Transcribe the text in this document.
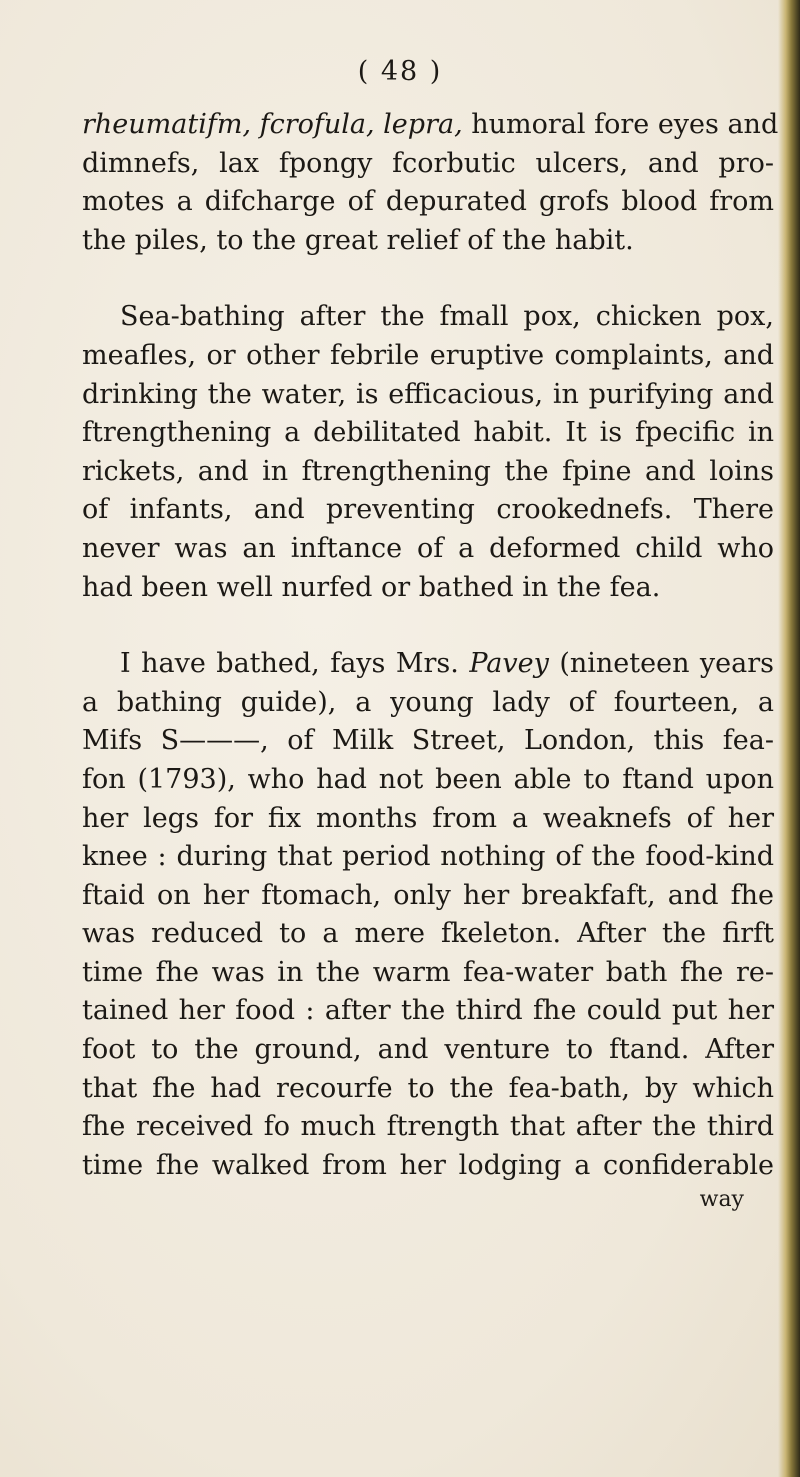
( 48 )
rheumatifm, fcrofula, lepra, humoral fore eyes and
dimnefs, lax fpongy fcorbutic ulcers, and pro-
motes a difcharge of depurated grofs blood from
the piles, to the great relief of the habit.
Sea-bathing after the fmall pox, chicken pox,
meafles, or other febrile eruptive complaints, and
drinking the water, is efficacious, in purifying and
ftrengthening a debilitated habit. It is fpecific in
rickets, and in ftrengthening the fpine and loins
of infants, and preventing crookednefs. There
never was an inftance of a deformed child who
had been well nurfed or bathed in the fea.
I have bathed, fays Mrs. Pavey (nineteen years
a bathing guide), a young lady of fourteen, a
Mifs S———, of Milk Street, London, this fea-
fon (1793), who had not been able to ftand upon
her legs for fix months from a weaknefs of her
knee : during that period nothing of the food-kind
ftaid on her ftomach, only her breakfaft, and fhe
was reduced to a mere fkeleton. After the firft
time fhe was in the warm fea-water bath fhe re-
tained her food : after the third fhe could put her
foot to the ground, and venture to ftand. After
that fhe had recourfe to the fea-bath, by which
fhe received fo much ftrength that after the third
time fhe walked from her lodging a confiderable
way
